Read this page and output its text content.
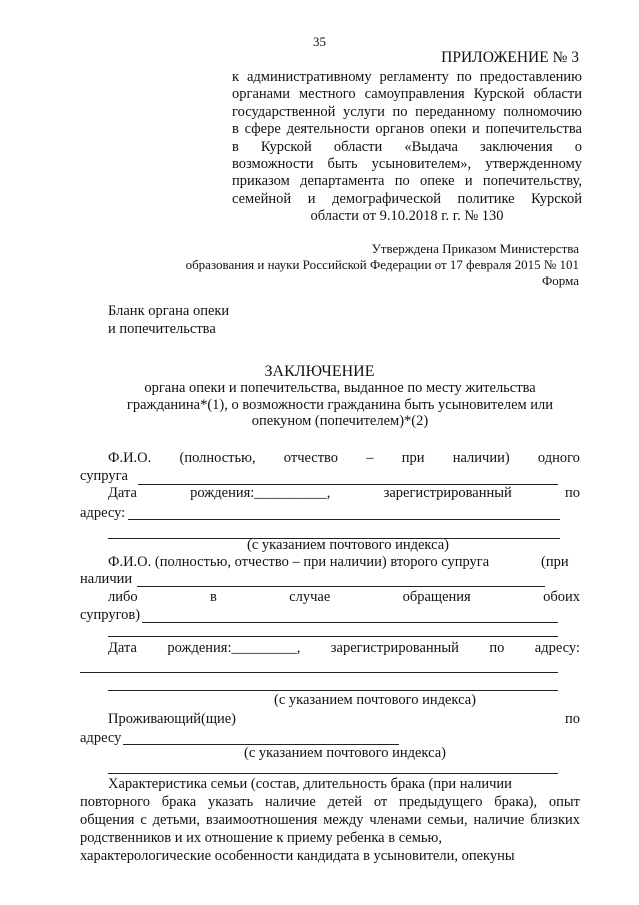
35
ПРИЛОЖЕНИЕ № 3
к административному регламенту по предоставлению
органами местного самоуправления Курской области
государственной услуги по переданному полномочию
в сфере деятельности органов опеки и попечительства
в Курской области «Выдача заключения о
возможности быть усыновителем», утвержденному
приказом департамента по опеке и попечительству,
семейной и демографической политике Курской
области от 9.10.2018 г. г. № 130
Утверждена Приказом Министерства
образования и науки Российской Федерации от 17 февраля 2015 № 101
Форма
Бланк органа опеки
и попечительства
ЗАКЛЮЧЕНИЕ
органа опеки и попечительства, выданное по месту жительства
гражданина*(1), о возможности гражданина быть усыновителем или
опекуном (попечителем)*(2)
Ф.И.О. (полностью, отчество – при наличии) одного
супруга
Дата	рождения:__________,	зарегистрированный	по
адресу:
(с указанием почтового индекса)
Ф.И.О. (полностью, отчество – при наличии) второго супруга	(при
наличии
либо	в	случае	обращения	обоих
супругов)
Дата рождения:_________, зарегистрированный по адресу:
(с указанием почтового индекса)
Проживающий(щие)	по
адресу
(с указанием почтового индекса)
Характеристика семьи (состав, длительность брака (при наличии
повторного брака указать наличие детей от предыдущего брака), опыт
общения с детьми, взаимоотношения между членами семьи, наличие близких
родственников и их отношение к приему ребенка в семью,
характерологические особенности кандидата в усыновители, опекуны
